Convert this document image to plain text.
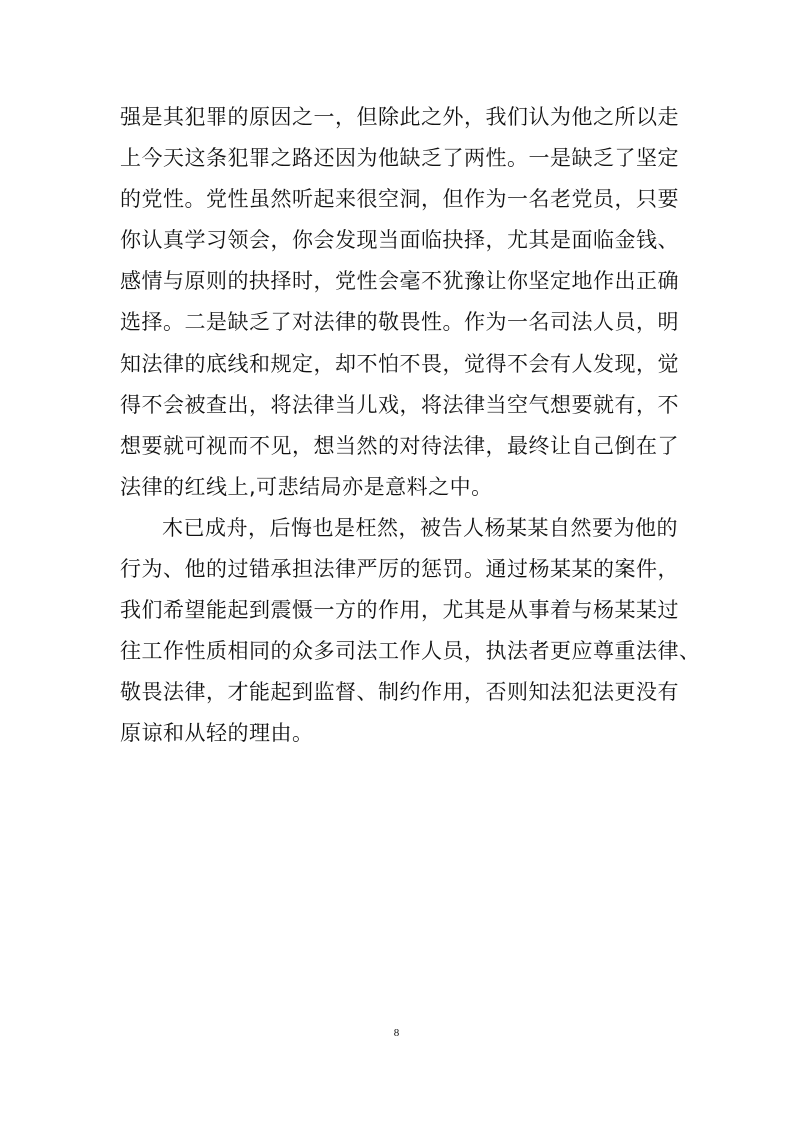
强是其犯罪的原因之一，但除此之外，我们认为他之所以走
上今天这条犯罪之路还因为他缺乏了两性。一是缺乏了坚定
的党性。党性虽然听起来很空洞，但作为一名老党员，只要
你认真学习领会，你会发现当面临抉择，尤其是面临金钱、
感情与原则的抉择时，党性会毫不犹豫让你坚定地作出正确
选择。二是缺乏了对法律的敬畏性。作为一名司法人员，明
知法律的底线和规定，却不怕不畏，觉得不会有人发现，觉
得不会被查出，将法律当儿戏，将法律当空气想要就有，不
想要就可视而不见，想当然的对待法律，最终让自己倒在了
法律的红线上,可悲结局亦是意料之中。
木已成舟，后悔也是枉然，被告人杨某某自然要为他的
行为、他的过错承担法律严厉的惩罚。通过杨某某的案件，
我们希望能起到震慑一方的作用，尤其是从事着与杨某某过
往工作性质相同的众多司法工作人员，执法者更应尊重法律、
敬畏法律，才能起到监督、制约作用，否则知法犯法更没有
原谅和从轻的理由。
8
